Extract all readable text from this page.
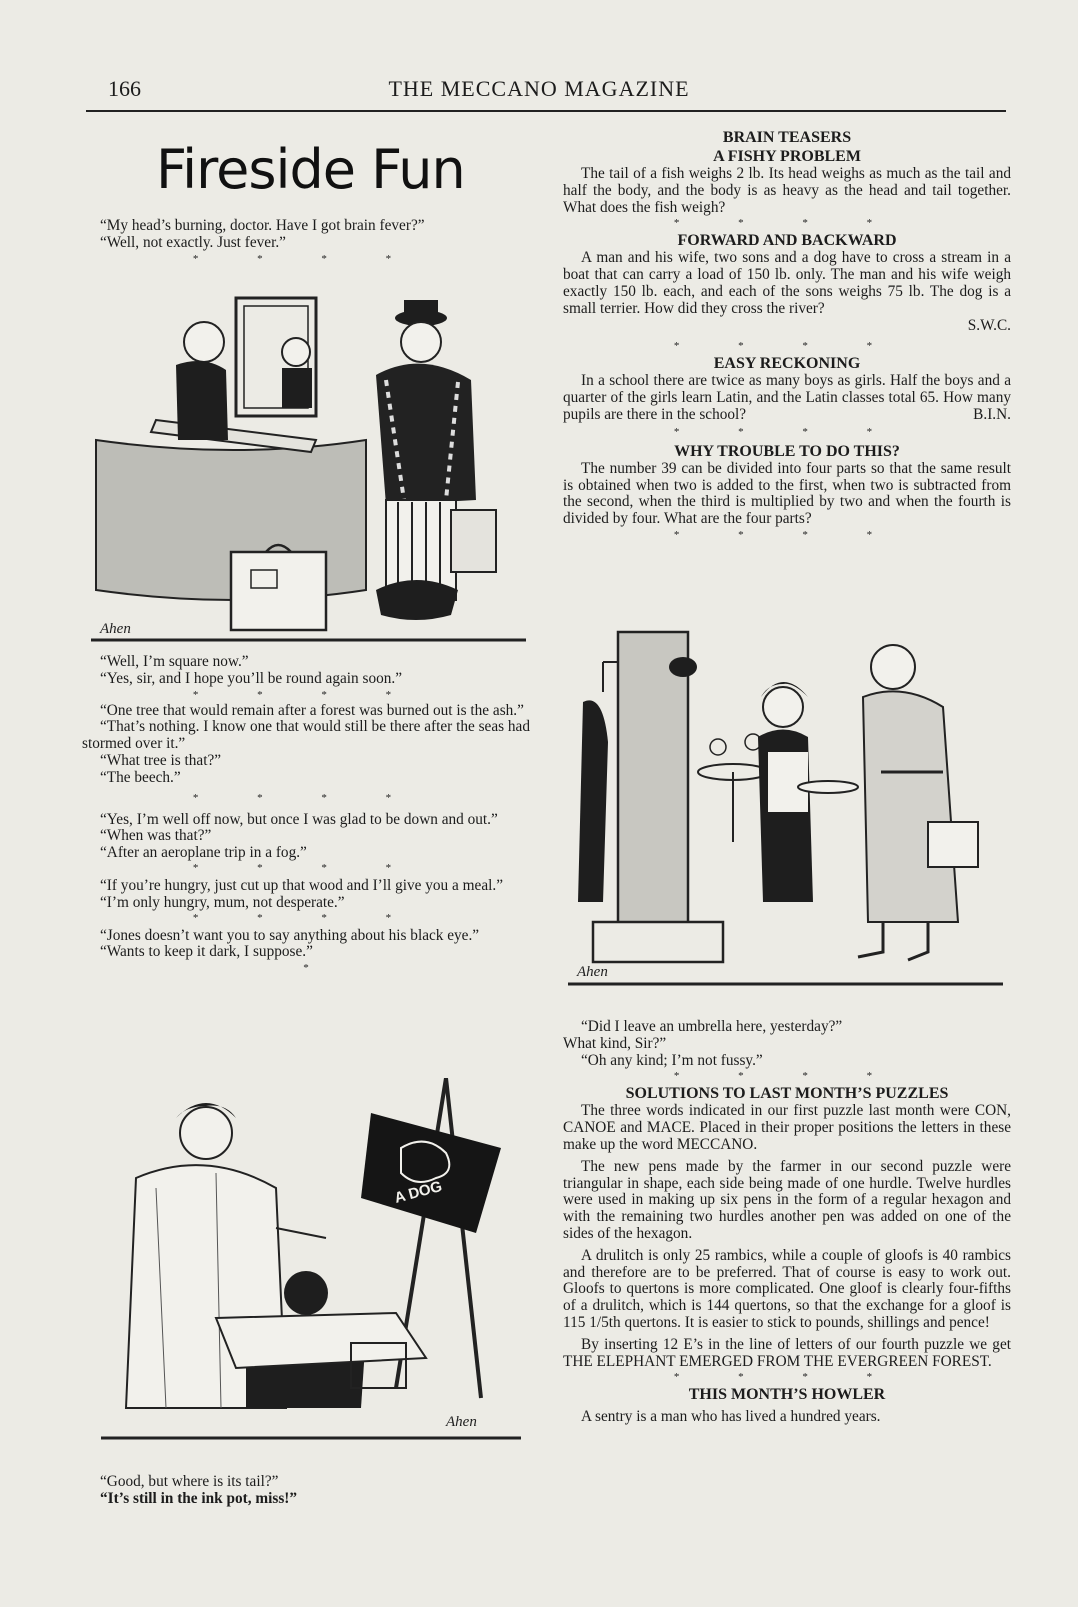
166	THE MECCANO MAGAZINE
Fireside Fun

“My head’s burning, doctor. Have I got brain fever?”

“Well, not exactly. Just fever.”

* * * *
Ahen

“Well, I’m square now.”

“Yes, sir, and I hope you’ll be round again soon.”

* * * *

“One tree that would remain after a forest was burned out is the ash.”

“That’s nothing. I know one that would still be there after the seas had stormed over it.”

“What tree is that?”

“The beech.”

* * * *

“Yes, I’m well off now, but once I was glad to be down and out.”

“When was that?”

“After an aeroplane trip in a fog.”

* * * *

“If you’re hungry, just cut up that wood and I’ll give you a meal.”

“I’m only hungry, mum, not desperate.”

* * * *

“Jones doesn’t want you to say anything about his black eye.”

“Wants to keep it dark, I suppose.”

*
A DOG
Ahen

“Good, but where is its tail?”

“It’s still in the ink pot, miss!”

BRAIN TEASERS
A FISHY PROBLEM

The tail of a fish weighs 2 lb. Its head weighs as much as the tail and half the body, and the body is as heavy as the head and tail together. What does the fish weigh?

* * * *
FORWARD AND BACKWARD

A man and his wife, two sons and a dog have to cross a stream in a boat that can carry a load of 150 lb. only. The man and his wife weigh exactly 150 lb. each, and each of the sons weighs 75 lb. The dog is a small terrier. How did they cross the river?

S.W.C.

* * * *
EASY RECKONING

In a school there are twice as many boys as girls. Half the boys and a quarter of the girls learn Latin, and the Latin classes total 65. How many pupils are there in the school?	B.I.N.

* * * *
WHY TROUBLE TO DO THIS?

The number 39 can be divided into four parts so that the same result is obtained when two is added to the first, when two is subtracted from the second, when the third is multiplied by two and when the fourth is divided by four. What are the four parts?

* * * *
Ahen

“Did I leave an umbrella here, yesterday?”

What kind, Sir?”

“Oh any kind; I’m not fussy.”

* * * *
SOLUTIONS TO LAST MONTH’S PUZZLES

The three words indicated in our first puzzle last month were CON, CANOE and MACE. Placed in their proper positions the letters in these make up the word MECCANO.

The new pens made by the farmer in our second puzzle were triangular in shape, each side being made of one hurdle. Twelve hurdles were used in making up six pens in the form of a regular hexagon and with the remaining two hurdles another pen was added on one of the sides of the hexagon.

A drulitch is only 25 rambics, while a couple of gloofs is 40 rambics and therefore are to be preferred. That of course is easy to work out. Gloofs to quertons is more complicated. One gloof is clearly four-fifths of a drulitch, which is 144 quertons, so that the exchange for a gloof is 115 1/5th quertons. It is easier to stick to pounds, shillings and pence!

By inserting 12 E’s in the line of letters of our fourth puzzle we get THE ELEPHANT EMERGED FROM THE EVERGREEN FOREST.

* * * *
THIS MONTH’S HOWLER

A sentry is a man who has lived a hundred years.
